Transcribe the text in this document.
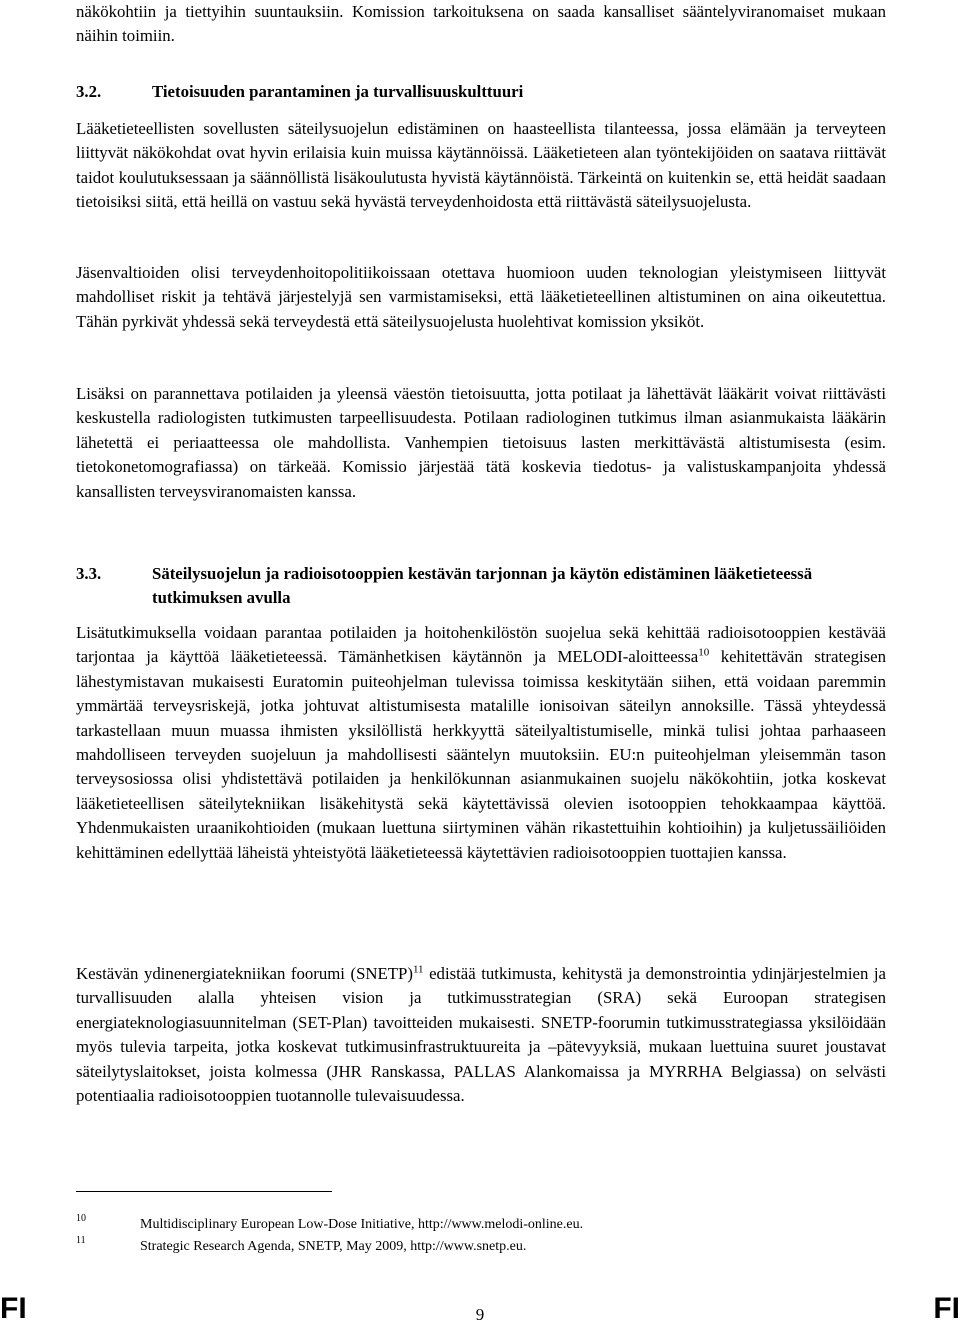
näkökohtiin ja tiettyihin suuntauksiin. Komission tarkoituksena on saada kansalliset sääntelyviranomaiset mukaan näihin toimiin.

3.2.	Tietoisuuden parantaminen ja turvallisuuskulttuuri

Lääketieteellisten sovellusten säteilysuojelun edistäminen on haasteellista tilanteessa, jossa elämään ja terveyteen liittyvät näkökohdat ovat hyvin erilaisia kuin muissa käytännöissä. Lääketieteen alan työntekijöiden on saatava riittävät taidot koulutuksessaan ja säännöllistä lisäkoulutusta hyvistä käytännöistä. Tärkeintä on kuitenkin se, että heidät saadaan tietoisiksi siitä, että heillä on vastuu sekä hyvästä terveydenhoidosta että riittävästä säteilysuojelusta.

Jäsenvaltioiden olisi terveydenhoitopolitiikoissaan otettava huomioon uuden teknologian yleistymiseen liittyvät mahdolliset riskit ja tehtävä järjestelyjä sen varmistamiseksi, että lääketieteellinen altistuminen on aina oikeutettua. Tähän pyrkivät yhdessä sekä terveydestä että säteilysuojelusta huolehtivat komission yksiköt.

Lisäksi on parannettava potilaiden ja yleensä väestön tietoisuutta, jotta potilaat ja lähettävät lääkärit voivat riittävästi keskustella radiologisten tutkimusten tarpeellisuudesta. Potilaan radiologinen tutkimus ilman asianmukaista lääkärin lähetettä ei periaatteessa ole mahdollista. Vanhempien tietoisuus lasten merkittävästä altistumisesta (esim. tietokonetomografiassa) on tärkeää. Komissio järjestää tätä koskevia tiedotus- ja valistuskampanjoita yhdessä kansallisten terveysviranomaisten kanssa.

3.3.	Säteilysuojelun ja radioisotooppien kestävän tarjonnan ja käytön edistäminen lääketieteessä tutkimuksen avulla

Lisätutkimuksella voidaan parantaa potilaiden ja hoitohenkilöstön suojelua sekä kehittää radioisotooppien kestävää tarjontaa ja käyttöä lääketieteessä. Tämänhetkisen käytännön ja MELODI-aloitteessa$^{10}$ kehitettävän strategisen lähestymistavan mukaisesti Euratomin puiteohjelman tulevissa toimissa keskitytään siihen, että voidaan paremmin ymmärtää terveysriskejä, jotka johtuvat altistumisesta matalille ionisoivan säteilyn annoksille. Tässä yhteydessä tarkastellaan muun muassa ihmisten yksilöllistä herkkyyttä säteilyaltistumiselle, minkä tulisi johtaa parhaaseen mahdolliseen terveyden suojeluun ja mahdollisesti sääntelyn muutoksiin. EU:n puiteohjelman yleisemmän tason terveysosiossa olisi yhdistettävä potilaiden ja henkilökunnan asianmukainen suojelu näkökohtiin, jotka koskevat lääketieteellisen säteilytekniikan lisäkehitystä sekä käytettävissä olevien isotooppien tehokkaampaa käyttöä. Yhdenmukaisten uraanikohtioiden (mukaan luettuna siirtyminen vähän rikastettuihin kohtioihin) ja kuljetussäiliöiden kehittäminen edellyttää läheistä yhteistyötä lääketieteessä käytettävien radioisotooppien tuottajien kanssa.

Kestävän ydinenergiatekniikan foorumi (SNETP)$^{11}$ edistää tutkimusta, kehitystä ja demonstrointia ydinjärjestelmien ja turvallisuuden alalla yhteisen vision ja tutkimusstrategian (SRA) sekä Euroopan strategisen energiateknologiasuunnitelman (SET-Plan) tavoitteiden mukaisesti. SNETP-foorumin tutkimusstrategiassa yksilöidään myös tulevia tarpeita, jotka koskevat tutkimusinfrastruktuureita ja –pätevyyksiä, mukaan luettuina suuret joustavat säteilytyslaitokset, joista kolmessa (JHR Ranskassa, PALLAS Alankomaissa ja MYRRHA Belgiassa) on selvästi potentiaalia radioisotooppien tuotannolle tulevaisuudessa.

10	Multidisciplinary European Low-Dose Initiative, http://www.melodi-online.eu.
11	Strategic Research Agenda, SNETP, May 2009, http://www.snetp.eu.
FI	9	FI
